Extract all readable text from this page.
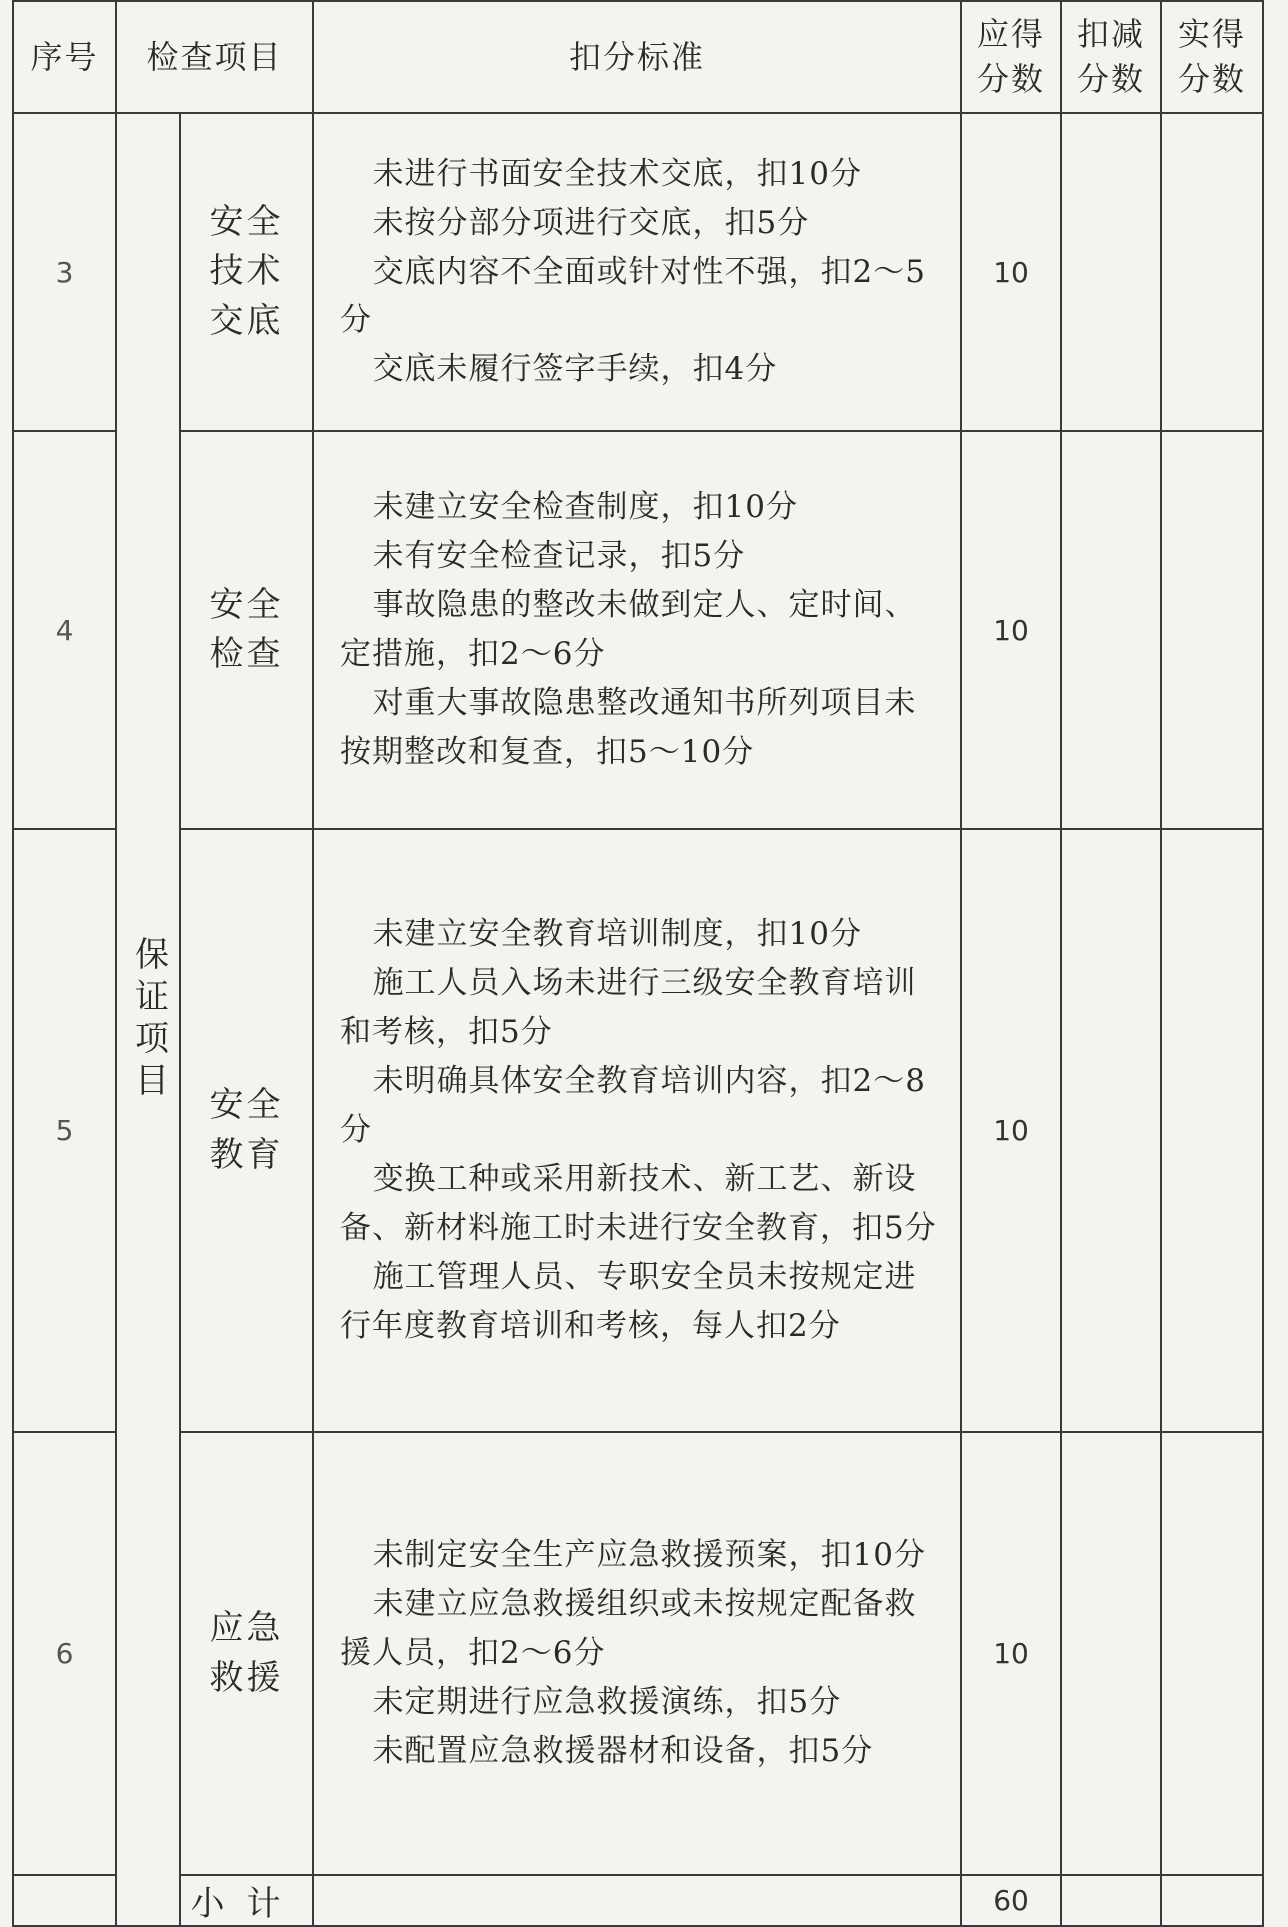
序号	检查项目		扣分标准	应得分数	扣减分数	实得分数
3	保证项目	安全技术交底	未进行书面安全技术交底，扣10分
未按分部分项进行交底，扣5分
交底内容不全面或针对性不强，扣2～5分
交底未履行签字手续，扣4分	10		
4		安全检查	未建立安全检查制度，扣10分
未有安全检查记录，扣5分
事故隐患的整改未做到定人、定时间、定措施，扣2～6分
对重大事故隐患整改通知书所列项目未按期整改和复查，扣5～10分	10		
5		安全教育	未建立安全教育培训制度，扣10分
施工人员入场未进行三级安全教育培训和考核，扣5分
未明确具体安全教育培训内容，扣2～8分
变换工种或采用新技术、新工艺、新设备、新材料施工时未进行安全教育，扣5分
施工管理人员、专职安全员未按规定进行年度教育培训和考核，每人扣2分	10		
6		应急救援	未制定安全生产应急救援预案，扣10分
未建立应急救援组织或未按规定配备救援人员，扣2～6分
未定期进行应急救援演练，扣5分
未配置应急救援器材和设备，扣5分	10		
		小计		60		
